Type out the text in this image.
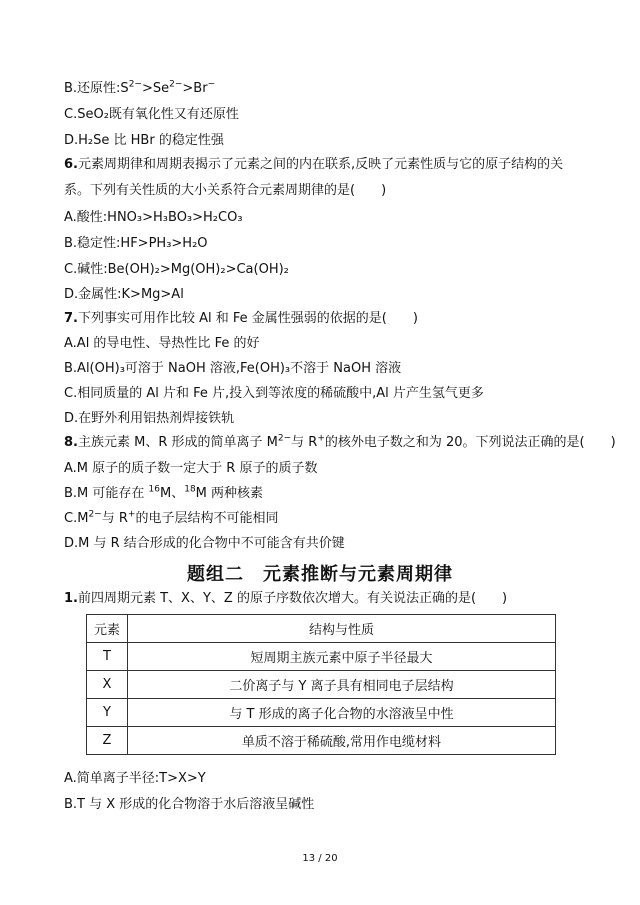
B.还原性$:S^{2-}>Se^{2-}>Br^-$
C.SeO₂既有氧化性又有还原性
D.H₂Se 比 HBr 的稳定性强
6.元素周期律和周期表揭示了元素之间的内在联系,反映了元素性质与它的原子结构的关系。下列有关性质的大小关系符合元素周期律的是(　　)
A.酸性:HNO₃>H₃BO₃>H₂CO₃
B.稳定性:HF>PH₃>H₂O
C.碱性:Be(OH)₂>Mg(OH)₂>Ca(OH)₂
D.金属性:K>Mg>Al
7.下列事实可用作比较 Al 和 Fe 金属性强弱的依据的是(　　)
A.Al 的导电性、导热性比 Fe 的好
B.Al(OH)₃可溶于 NaOH 溶液,Fe(OH)₃不溶于 NaOH 溶液
C.相同质量的 Al 片和 Fe 片,投入到等浓度的稀硫酸中,Al 片产生氢气更多
D.在野外利用铝热剂焊接铁轨
8.主族元素 M、R 形成的简单离子 $M^{2-}$与 R+的核外电子数之和为 20。下列说法正确的是(　　)
A.M 原子的质子数一定大于 R 原子的质子数
B.M 可能存在 $^{16}$M、$^{18}$M 两种核素
$C.M^{2-}$与 R+的电子层结构不可能相同
D.M 与 R 结合形成的化合物中不可能含有共价键
题组二　元素推断与元素周期律
1.前四周期元素 T、X、Y、Z 的原子序数依次增大。有关说法正确的是(　　)
元素	结构与性质
T	短周期主族元素中原子半径最大
X	二价离子与 Y 离子具有相同电子层结构
Y	与 T 形成的离子化合物的水溶液呈中性
Z	单质不溶于稀硫酸,常用作电缆材料
A.简单离子半径:T>X>Y
B.T 与 X 形成的化合物溶于水后溶液呈碱性
13 / 20
